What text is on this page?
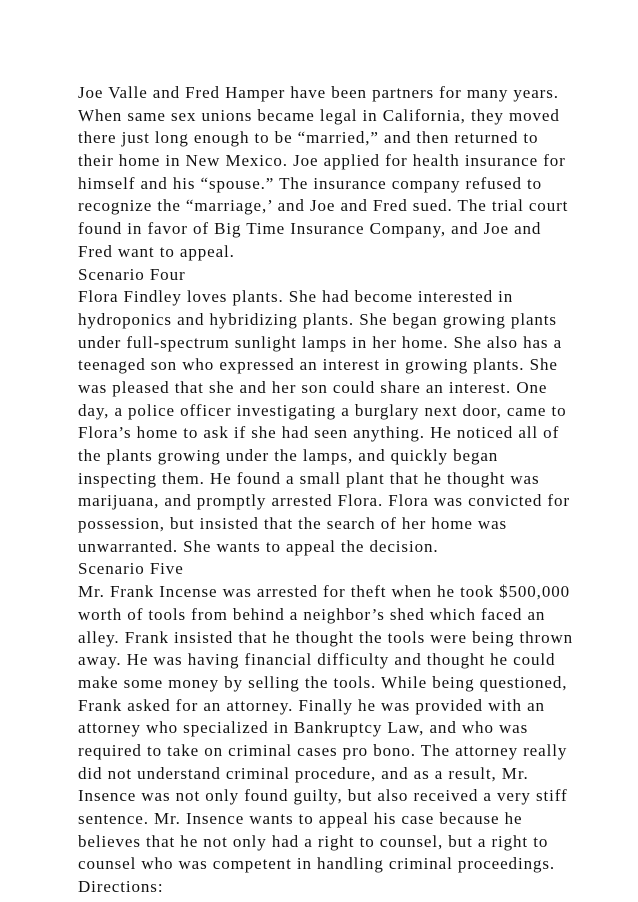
Joe Valle and Fred Hamper have been partners for many years.
When same sex unions became legal in California, they moved
there just long enough to be “married,” and then returned to
their home in New Mexico. Joe applied for health insurance for
himself and his “spouse.” The insurance company refused to
recognize the “marriage,’ and Joe and Fred sued. The trial court
found in favor of Big Time Insurance Company, and Joe and
Fred want to appeal.
Scenario Four
Flora Findley loves plants. She had become interested in
hydroponics and hybridizing plants. She began growing plants
under full-spectrum sunlight lamps in her home. She also has a
teenaged son who expressed an interest in growing plants. She
was pleased that she and her son could share an interest. One
day, a police officer investigating a burglary next door, came to
Flora’s home to ask if she had seen anything. He noticed all of
the plants growing under the lamps, and quickly began
inspecting them. He found a small plant that he thought was
marijuana, and promptly arrested Flora. Flora was convicted for
possession, but insisted that the search of her home was
unwarranted. She wants to appeal the decision.
Scenario Five
Mr. Frank Incense was arrested for theft when he took $500,000
worth of tools from behind a neighbor’s shed which faced an
alley. Frank insisted that he thought the tools were being thrown
away. He was having financial difficulty and thought he could
make some money by selling the tools. While being questioned,
Frank asked for an attorney. Finally he was provided with an
attorney who specialized in Bankruptcy Law, and who was
required to take on criminal cases pro bono. The attorney really
did not understand criminal procedure, and as a result, Mr.
Insence was not only found guilty, but also received a very stiff
sentence. Mr. Insence wants to appeal his case because he
believes that he not only had a right to counsel, but a right to
counsel who was competent in handling criminal proceedings.
Directions:
